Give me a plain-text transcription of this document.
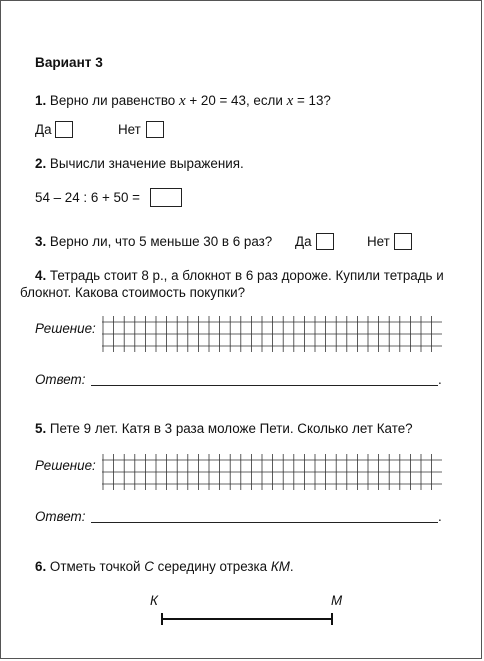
Вариант 3
1. Верно ли равенство x + 20 = 43, если x = 13?
Да	Нет
2. Вычисли значение выражения.
54 – 24 : 6 + 50 =
3. Верно ли, что 5 меньше 30 в 6 раз? Да	Нет
4. Тетрадь стоит 8 р., а блокнот в 6 раз дороже. Купили тетрадь и
блокнот. Какова стоимость покупки?
Решение:
Ответ:	.
5. Пете 9 лет. Катя в 3 раза моложе Пети. Сколько лет Кате?
Решение:
Ответ:	.
6. Отметь точкой С середину отрезка КМ.
К	М
